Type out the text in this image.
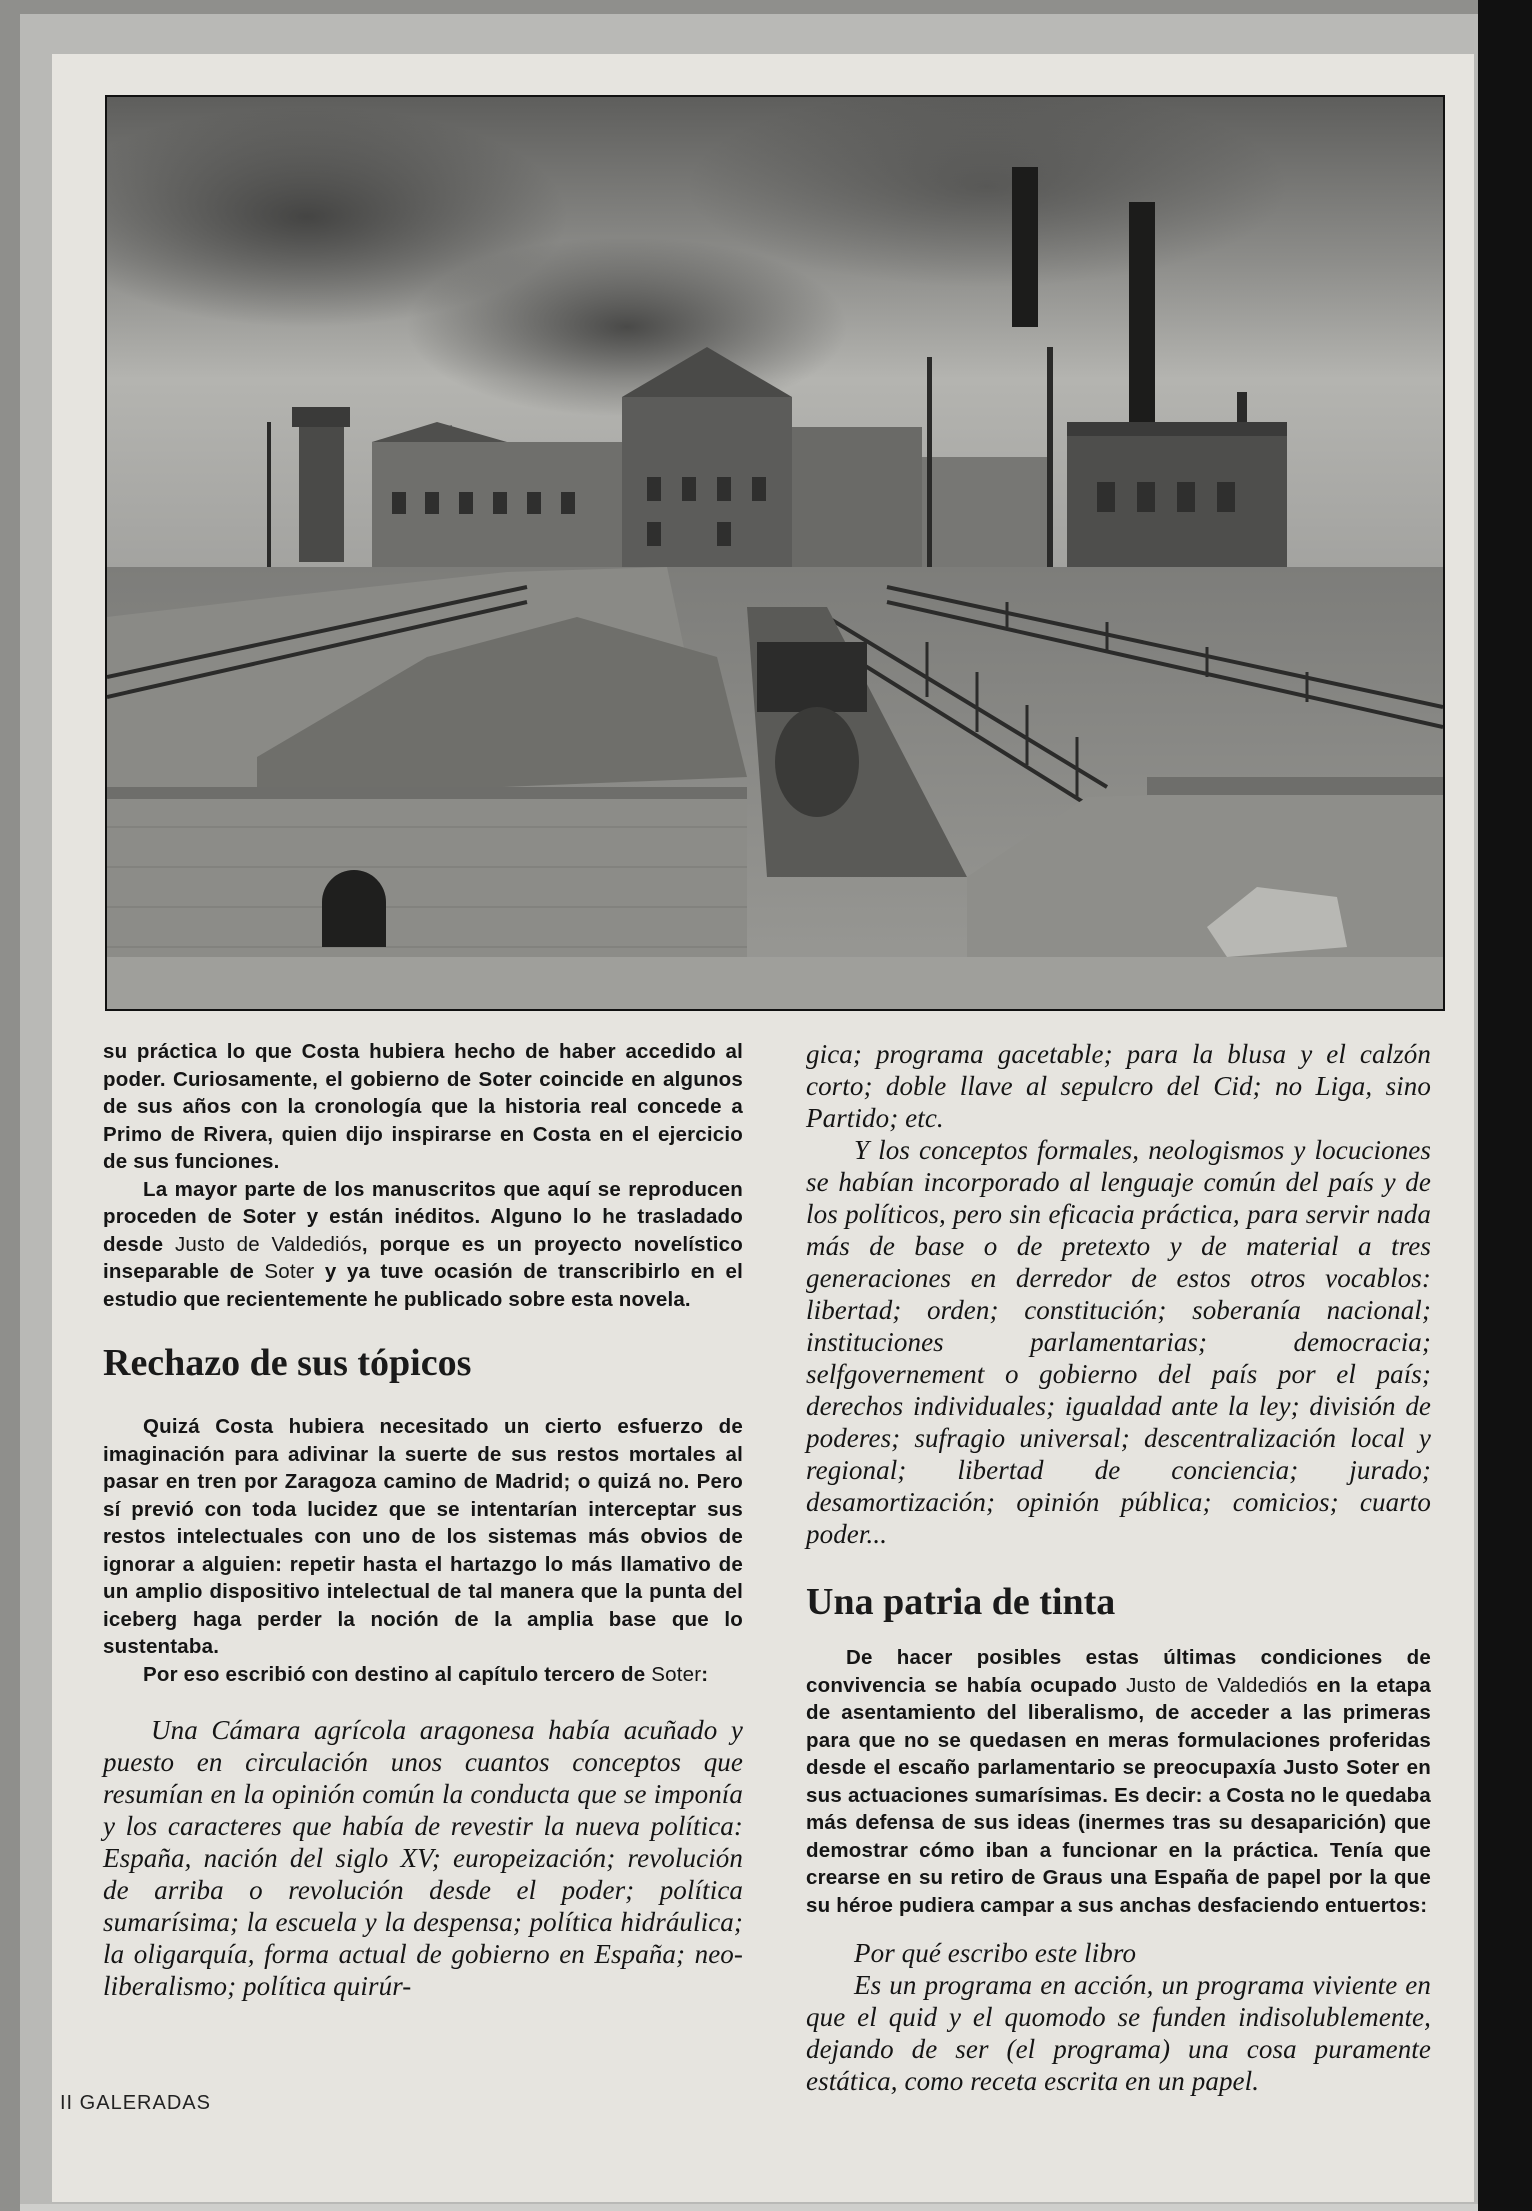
su práctica lo que Costa hubiera hecho de haber accedido al poder. Curiosamente, el gobierno de Soter coincide en algunos de sus años con la cronología que la historia real concede a Primo de Rivera, quien dijo inspirarse en Costa en el ejercicio de sus funciones.

La mayor parte de los manuscritos que aquí se reproducen proceden de Soter y están inéditos. Alguno lo he trasladado desde Justo de Valdediós, porque es un proyecto novelístico inseparable de Soter y ya tuve ocasión de transcribirlo en el estudio que recientemente he publicado sobre esta novela.

Rechazo de sus tópicos

Quizá Costa hubiera necesitado un cierto esfuerzo de imaginación para adivinar la suerte de sus restos mortales al pasar en tren por Zaragoza camino de Madrid; o quizá no. Pero sí previó con toda lucidez que se intentarían interceptar sus restos intelectuales con uno de los sistemas más obvios de ignorar a alguien: repetir hasta el hartazgo lo más llamativo de un amplio dispositivo intelectual de tal manera que la punta del iceberg haga perder la noción de la amplia base que lo sustentaba.

Por eso escribió con destino al capítulo tercero de Soter:

Una Cámara agrícola aragonesa había acuñado y puesto en circulación unos cuantos conceptos que resumían en la opinión común la conducta que se imponía y los caracteres que había de revestir la nueva política: España, nación del siglo XV; europeización; revolución de arriba o revolución desde el poder; política sumarísima; la escuela y la despensa; política hidráulica; la oligarquía, forma actual de gobierno en España; neo-liberalismo; política quirúr-

gica; programa gacetable; para la blusa y el calzón corto; doble llave al sepulcro del Cid; no Liga, sino Partido; etc.

Y los conceptos formales, neologismos y locuciones se habían incorporado al lenguaje común del país y de los políticos, pero sin eficacia práctica, para servir nada más de base o de pretexto y de material a tres generaciones en derredor de estos otros vocablos: libertad; orden; constitución; soberanía nacional; instituciones parlamentarias; democracia; selfgovernement o gobierno del país por el país; derechos individuales; igualdad ante la ley; división de poderes; sufragio universal; descentralización local y regional; libertad de conciencia; jurado; desamortización; opinión pública; comicios; cuarto poder...

Una patria de tinta

De hacer posibles estas últimas condiciones de convivencia se había ocupado Justo de Valdediós en la etapa de asentamiento del liberalismo, de acceder a las primeras para que no se quedasen en meras formulaciones proferidas desde el escaño parlamentario se preocupaxía Justo Soter en sus actuaciones sumarísimas. Es decir: a Costa no le quedaba más defensa de sus ideas (inermes tras su desaparición) que demostrar cómo iban a funcionar en la práctica. Tenía que crearse en su retiro de Graus una España de papel por la que su héroe pudiera campar a sus anchas desfaciendo entuertos:

Por qué escribo este libro

Es un programa en acción, un programa viviente en que el quid y el quomodo se funden indisolublemente, dejando de ser (el programa) una cosa puramente estática, como receta escrita en un papel.

II GALERADAS
